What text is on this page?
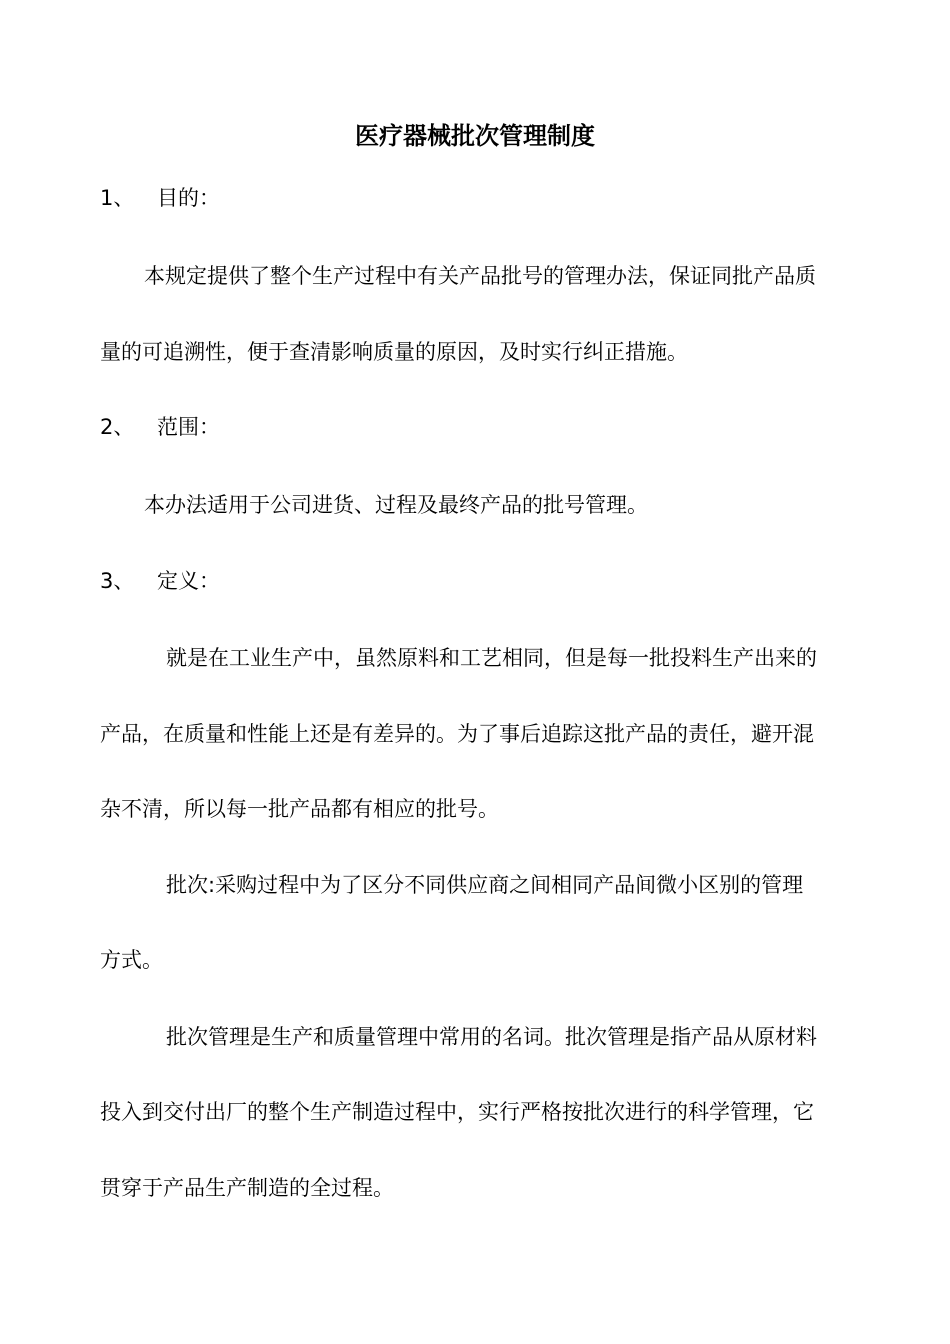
医疗器械批次管理制度
1、 目的：

本规定提供了整个生产过程中有关产品批号的管理办法，保证同批产品质

量的可追溯性，便于查清影响质量的原因，及时实行纠正措施。

2、 范围：

本办法适用于公司进货、过程及最终产品的批号管理。

3、 定义：

就是在工业生产中，虽然原料和工艺相同，但是每一批投料生产出来的

产品，在质量和性能上还是有差异的。为了事后追踪这批产品的责任，避开混

杂不清，所以每一批产品都有相应的批号。

批次:采购过程中为了区分不同供应商之间相同产品间微小区别的管理

方式。

批次管理是生产和质量管理中常用的名词。批次管理是指产品从原材料

投入到交付出厂的整个生产制造过程中，实行严格按批次进行的科学管理，它

贯穿于产品生产制造的全过程。
